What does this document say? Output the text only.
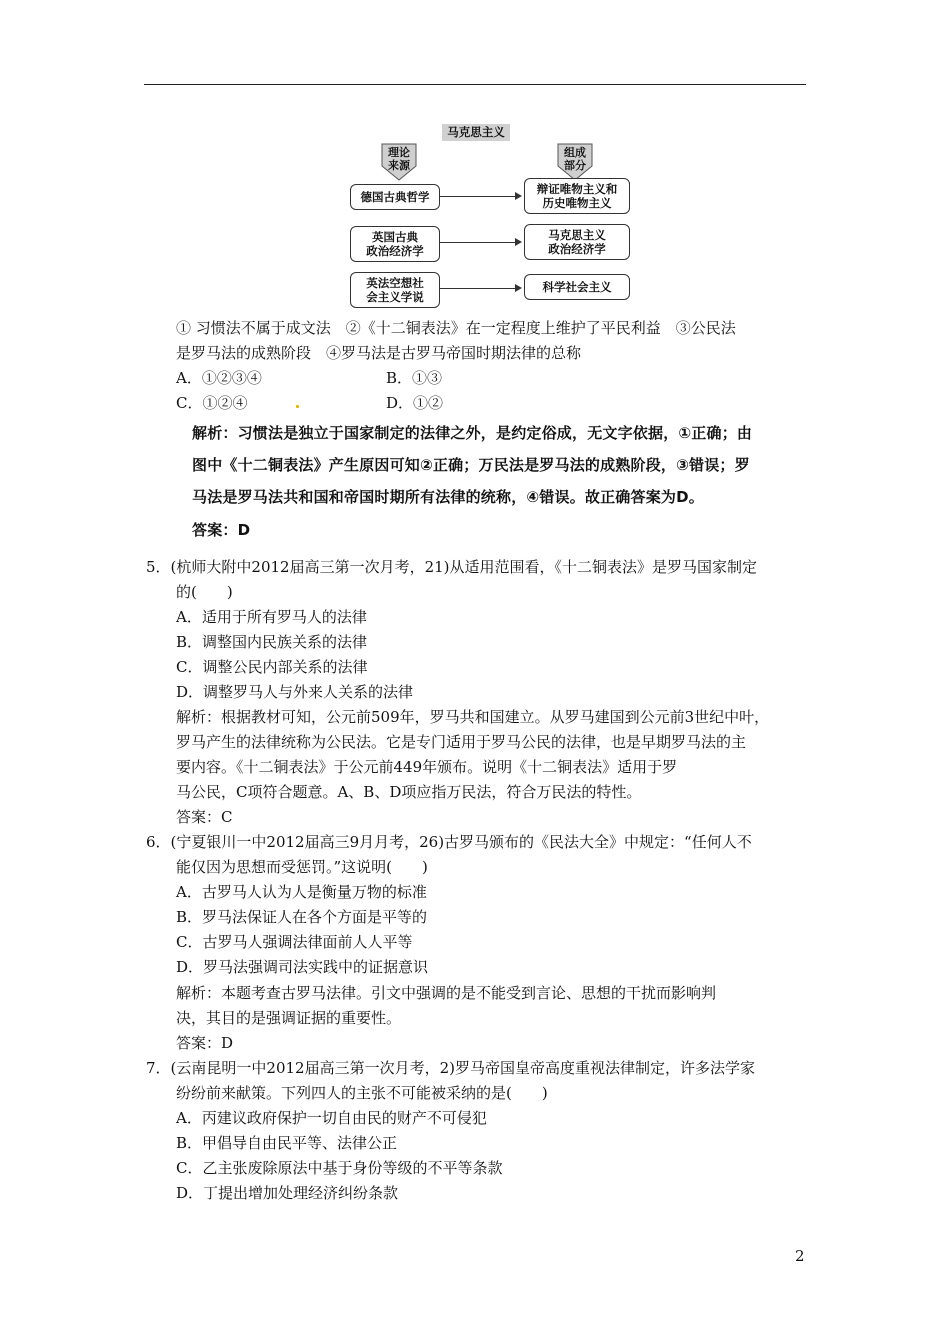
马克思主义
理论
来源
组成
部分
德国古典哲学
英国古典
政治经济学
英法空想社
会主义学说
辩证唯物主义和
历史唯物主义
马克思主义
政治经济学
科学社会主义
① 习惯法不属于成文法　②《十二铜表法》在一定程度上维护了平民利益　③公民法
是罗马法的成熟阶段　④罗马法是古罗马帝国时期法律的总称
A．①②③④	B．①③
C．①②④	D．①②
解析：习惯法是独立于国家制定的法律之外，是约定俗成，无文字依据，①正确；由
图中《十二铜表法》产生原因可知②正确；万民法是罗马法的成熟阶段，③错误；罗
马法是罗马法共和国和帝国时期所有法律的统称，④错误。故正确答案为D。
答案：D
5．(杭师大附中2012届高三第一次月考，21)从适用范围看，《十二铜表法》是罗马国家制定
的(　　)
A．适用于所有罗马人的法律
B．调整国内民族关系的法律
C．调整公民内部关系的法律
D．调整罗马人与外来人关系的法律
解析：根据教材可知，公元前509年，罗马共和国建立。从罗马建国到公元前3世纪中叶，
罗马产生的法律统称为公民法。它是专门适用于罗马公民的法律，也是早期罗马法的主
要内容。《十二铜表法》于公元前449年颁布。说明《十二铜表法》适用于罗
马公民，C项符合题意。A、B、D项应指万民法，符合万民法的特性。
答案：C
6．(宁夏银川一中2012届高三9月月考，26)古罗马颁布的《民法大全》中规定：“任何人不
能仅因为思想而受惩罚。”这说明(　　)
A．古罗马人认为人是衡量万物的标准
B．罗马法保证人在各个方面是平等的
C．古罗马人强调法律面前人人平等
D．罗马法强调司法实践中的证据意识
解析：本题考查古罗马法律。引文中强调的是不能受到言论、思想的干扰而影响判
决，其目的是强调证据的重要性。
答案：D
7．(云南昆明一中2012届高三第一次月考，2)罗马帝国皇帝高度重视法律制定，许多法学家
纷纷前来献策。下列四人的主张不可能被采纳的是(　　)
A．丙建议政府保护一切自由民的财产不可侵犯
B．甲倡导自由民平等、法律公正
C．乙主张废除原法中基于身份等级的不平等条款
D．丁提出增加处理经济纠纷条款
2
